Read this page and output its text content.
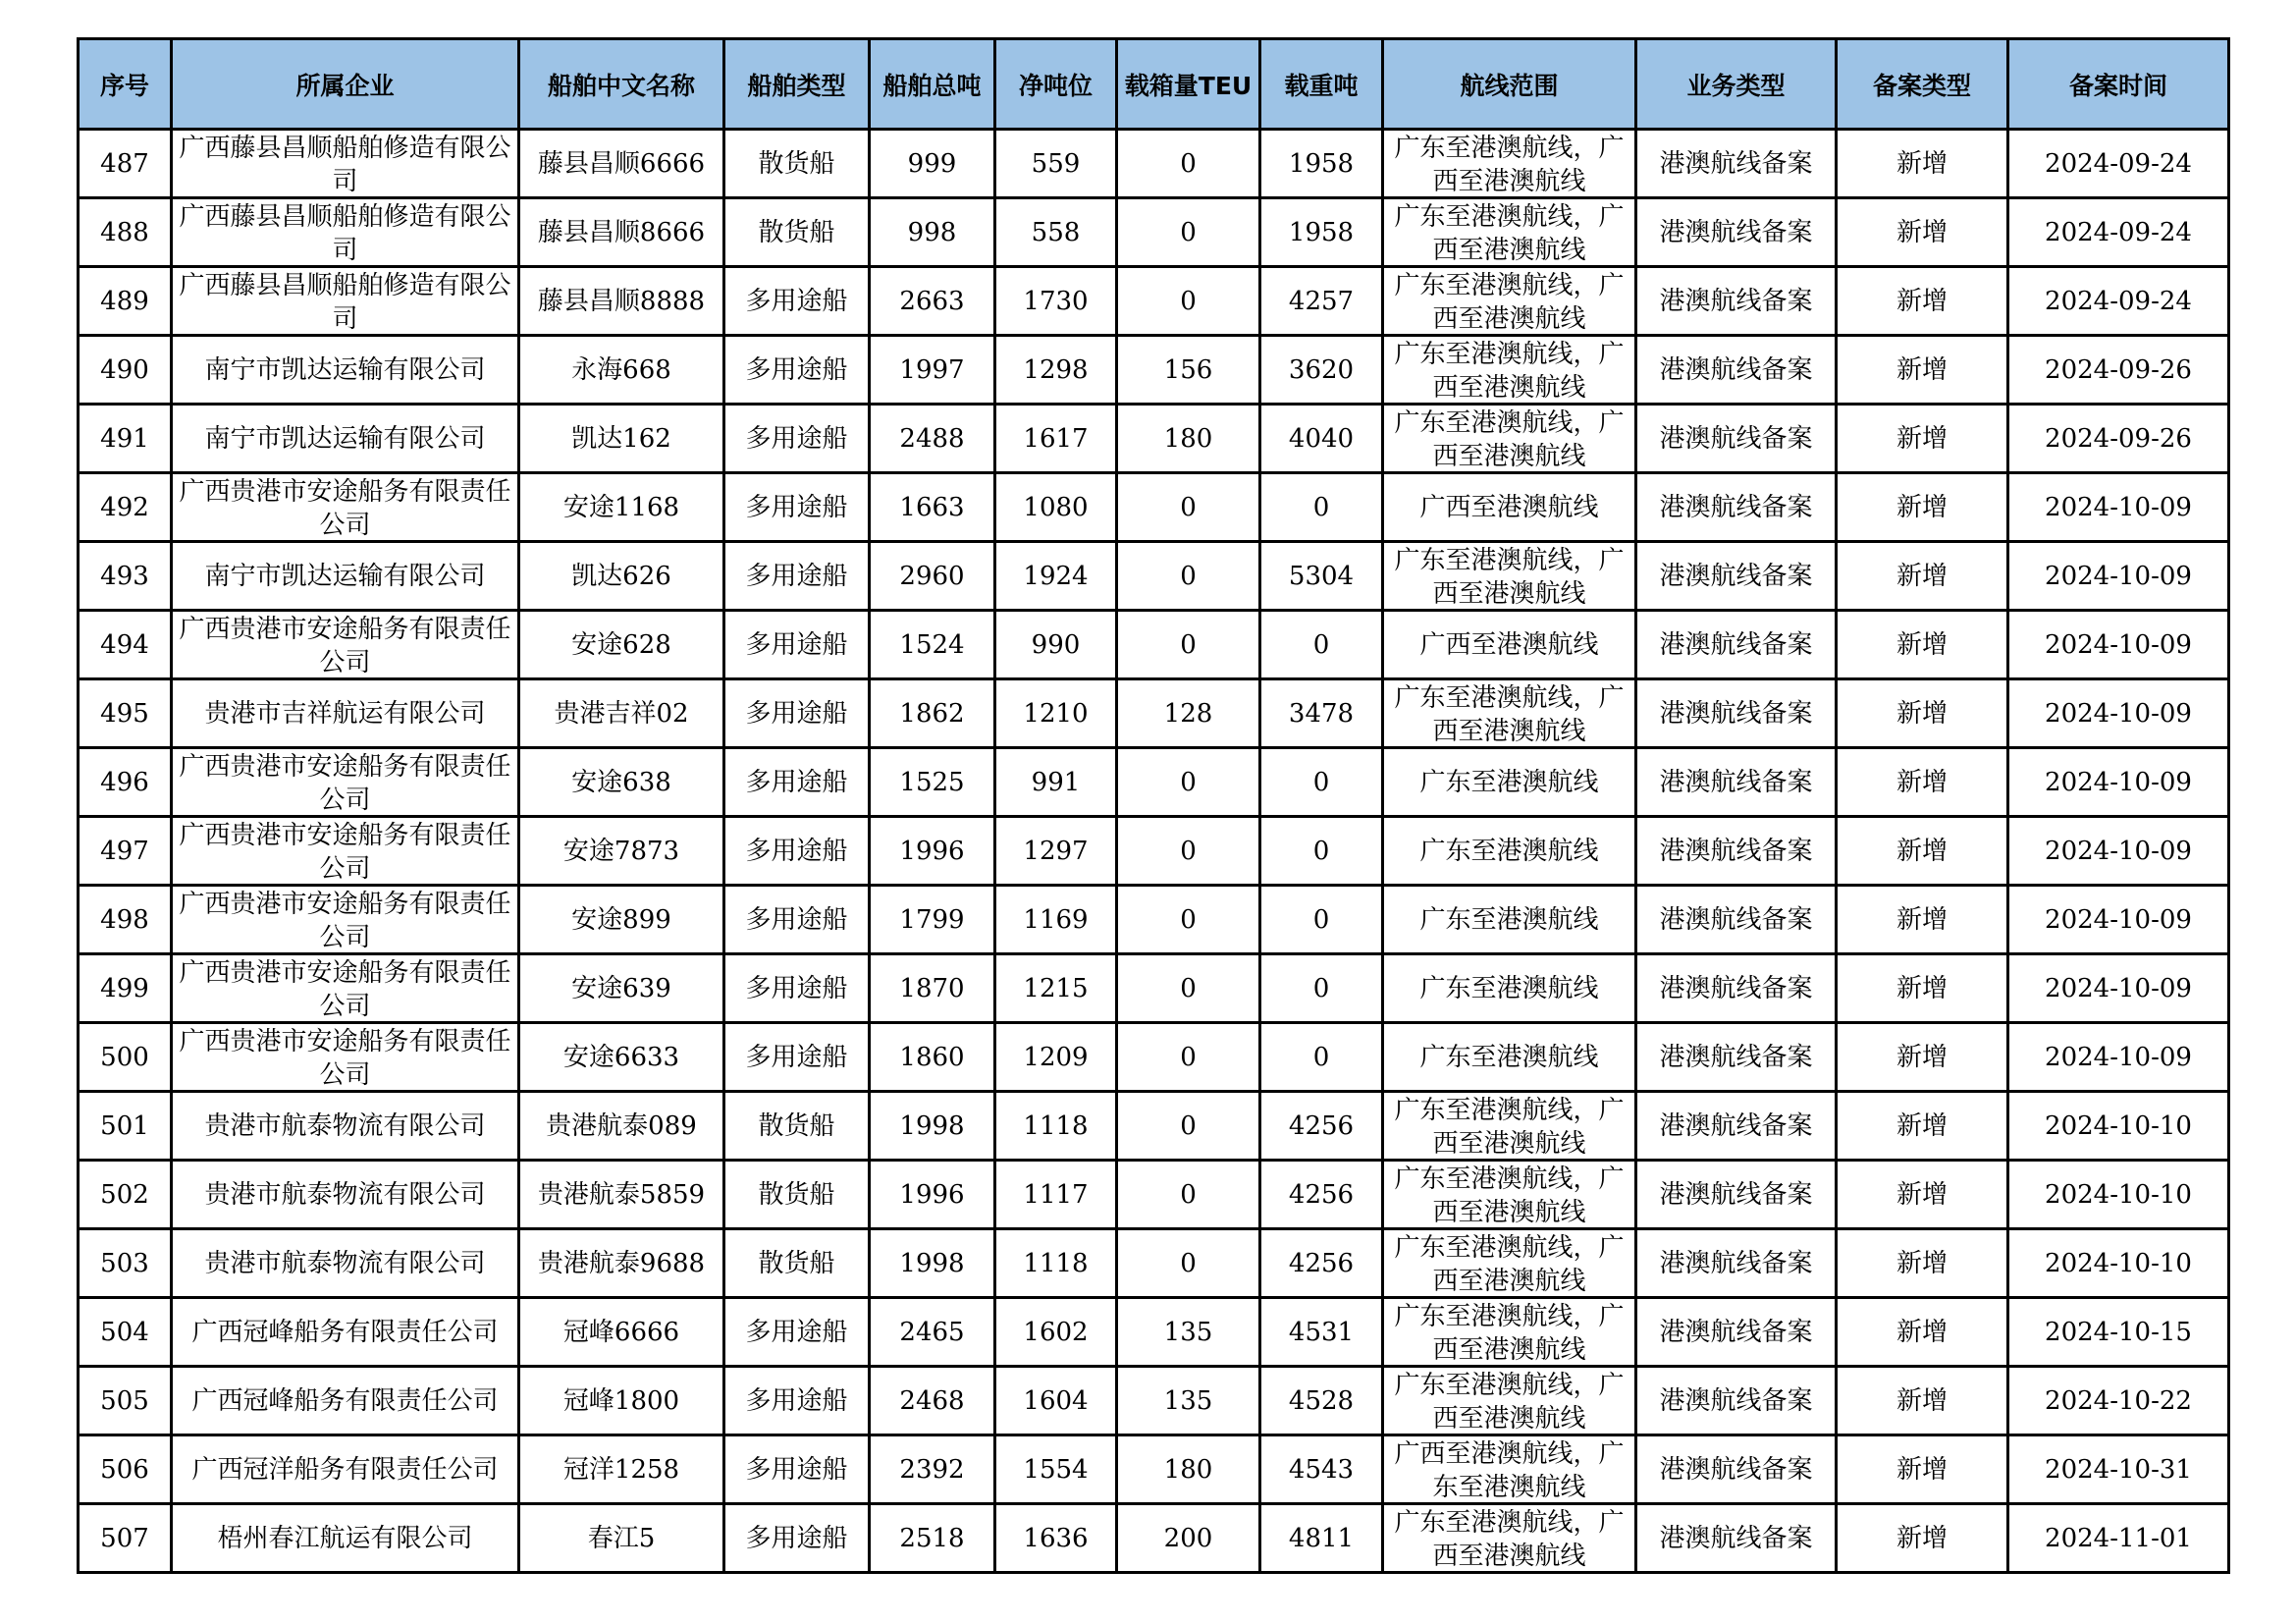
序号	所属企业	船舶中文名称	船舶类型	船舶总吨	净吨位	载箱量TEU	载重吨	航线范围	业务类型	备案类型	备案时间
487	广西藤县昌顺船舶修造有限公司	藤县昌顺6666	散货船	999	559	0	1958	广东至港澳航线，广西至港澳航线	港澳航线备案	新增	2024-09-24
488	广西藤县昌顺船舶修造有限公司	藤县昌顺8666	散货船	998	558	0	1958	广东至港澳航线，广西至港澳航线	港澳航线备案	新增	2024-09-24
489	广西藤县昌顺船舶修造有限公司	藤县昌顺8888	多用途船	2663	1730	0	4257	广东至港澳航线，广西至港澳航线	港澳航线备案	新增	2024-09-24
490	南宁市凯达运输有限公司	永海668	多用途船	1997	1298	156	3620	广东至港澳航线，广西至港澳航线	港澳航线备案	新增	2024-09-26
491	南宁市凯达运输有限公司	凯达162	多用途船	2488	1617	180	4040	广东至港澳航线，广西至港澳航线	港澳航线备案	新增	2024-09-26
492	广西贵港市安途船务有限责任公司	安途1168	多用途船	1663	1080	0	0	广西至港澳航线	港澳航线备案	新增	2024-10-09
493	南宁市凯达运输有限公司	凯达626	多用途船	2960	1924	0	5304	广东至港澳航线，广西至港澳航线	港澳航线备案	新增	2024-10-09
494	广西贵港市安途船务有限责任公司	安途628	多用途船	1524	990	0	0	广西至港澳航线	港澳航线备案	新增	2024-10-09
495	贵港市吉祥航运有限公司	贵港吉祥02	多用途船	1862	1210	128	3478	广东至港澳航线，广西至港澳航线	港澳航线备案	新增	2024-10-09
496	广西贵港市安途船务有限责任公司	安途638	多用途船	1525	991	0	0	广东至港澳航线	港澳航线备案	新增	2024-10-09
497	广西贵港市安途船务有限责任公司	安途7873	多用途船	1996	1297	0	0	广东至港澳航线	港澳航线备案	新增	2024-10-09
498	广西贵港市安途船务有限责任公司	安途899	多用途船	1799	1169	0	0	广东至港澳航线	港澳航线备案	新增	2024-10-09
499	广西贵港市安途船务有限责任公司	安途639	多用途船	1870	1215	0	0	广东至港澳航线	港澳航线备案	新增	2024-10-09
500	广西贵港市安途船务有限责任公司	安途6633	多用途船	1860	1209	0	0	广东至港澳航线	港澳航线备案	新增	2024-10-09
501	贵港市航泰物流有限公司	贵港航泰089	散货船	1998	1118	0	4256	广东至港澳航线，广西至港澳航线	港澳航线备案	新增	2024-10-10
502	贵港市航泰物流有限公司	贵港航泰5859	散货船	1996	1117	0	4256	广东至港澳航线，广西至港澳航线	港澳航线备案	新增	2024-10-10
503	贵港市航泰物流有限公司	贵港航泰9688	散货船	1998	1118	0	4256	广东至港澳航线，广西至港澳航线	港澳航线备案	新增	2024-10-10
504	广西冠峰船务有限责任公司	冠峰6666	多用途船	2465	1602	135	4531	广东至港澳航线，广西至港澳航线	港澳航线备案	新增	2024-10-15
505	广西冠峰船务有限责任公司	冠峰1800	多用途船	2468	1604	135	4528	广东至港澳航线，广西至港澳航线	港澳航线备案	新增	2024-10-22
506	广西冠洋船务有限责任公司	冠洋1258	多用途船	2392	1554	180	4543	广西至港澳航线，广东至港澳航线	港澳航线备案	新增	2024-10-31
507	梧州春江航运有限公司	春江5	多用途船	2518	1636	200	4811	广东至港澳航线，广西至港澳航线	港澳航线备案	新增	2024-11-01
